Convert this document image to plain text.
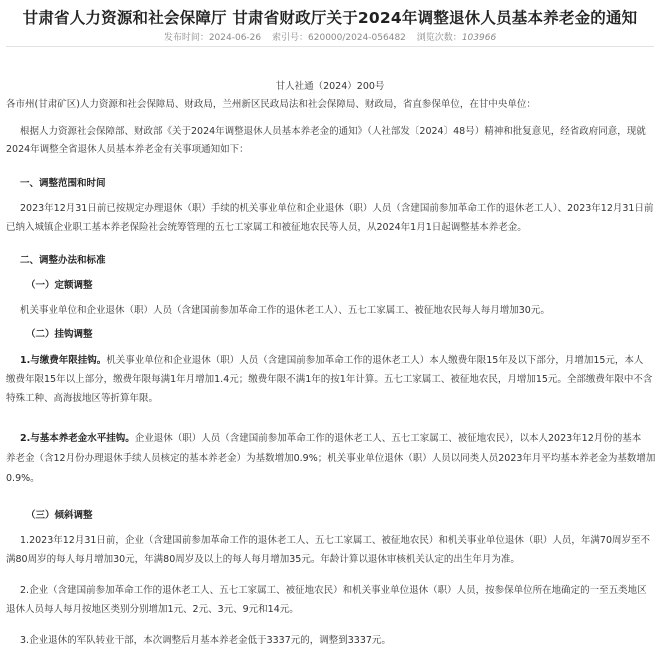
甘肃省人力资源和社会保障厅 甘肃省财政厅关于2024年调整退休人员基本养老金的通知
发布时间：2024-06-26 索引号：620000/2024-056482 浏览次数：103966
甘人社通（2024）200号
各市州(甘肃矿区)人力资源和社会保障局、财政局，兰州新区民政局法和社会保障局、财政局，省直参保单位，在甘中央单位：
根据人力资源社会保障部、财政部《关于2024年调整退休人员基本养老金的通知》（人社部发〔2024〕48号）精神和批复意见，经省政府同意，现就
2024年调整全省退休人员基本养老金有关事项通知如下：
一、调整范围和时间
2023年12月31日前已按规定办理退休（职）手续的机关事业单位和企业退休（职）人员（含建国前参加革命工作的退休老工人）、2023年12月31日前
已纳入城镇企业职工基本养老保险社会统筹管理的五七工家属工和被征地农民等人员，从2024年1月1日起调整基本养老金。
二、调整办法和标准
（一）定额调整
机关事业单位和企业退休（职）人员（含建国前参加革命工作的退休老工人）、五七工家属工、被征地农民每人每月增加30元。
（二）挂钩调整
1.与缴费年限挂钩。机关事业单位和企业退休（职）人员（含建国前参加革命工作的退休老工人）本人缴费年限15年及以下部分，月增加15元，本人
缴费年限15年以上部分，缴费年限每满1年月增加1.4元；缴费年限不满1年的按1年计算。五七工家属工、被征地农民，月增加15元。全部缴费年限中不含
特殊工种、高海拔地区等折算年限。
2.与基本养老金水平挂钩。企业退休（职）人员（含建国前参加革命工作的退休老工人、五七工家属工、被征地农民），以本人2023年12月份的基本
养老金（含12月份办理退休手续人员核定的基本养老金）为基数增加0.9%；机关事业单位退休（职）人员以同类人员2023年月平均基本养老金为基数增加
0.9%。
（三）倾斜调整
1.2023年12月31日前，企业（含建国前参加革命工作的退休老工人、五七工家属工、被征地农民）和机关事业单位退休（职）人员，年满70周岁至不
满80周岁的每人每月增加30元，年满80周岁及以上的每人每月增加35元。年龄计算以退休审核机关认定的出生年月为准。
2.企业（含建国前参加革命工作的退休老工人、五七工家属工、被征地农民）和机关事业单位退休（职）人员，按参保单位所在地确定的一至五类地区
退休人员每人每月按地区类别分别增加1元、2元、3元、9元和14元。
3.企业退休的军队转业干部，本次调整后月基本养老金低于3337元的，调整到3337元。
